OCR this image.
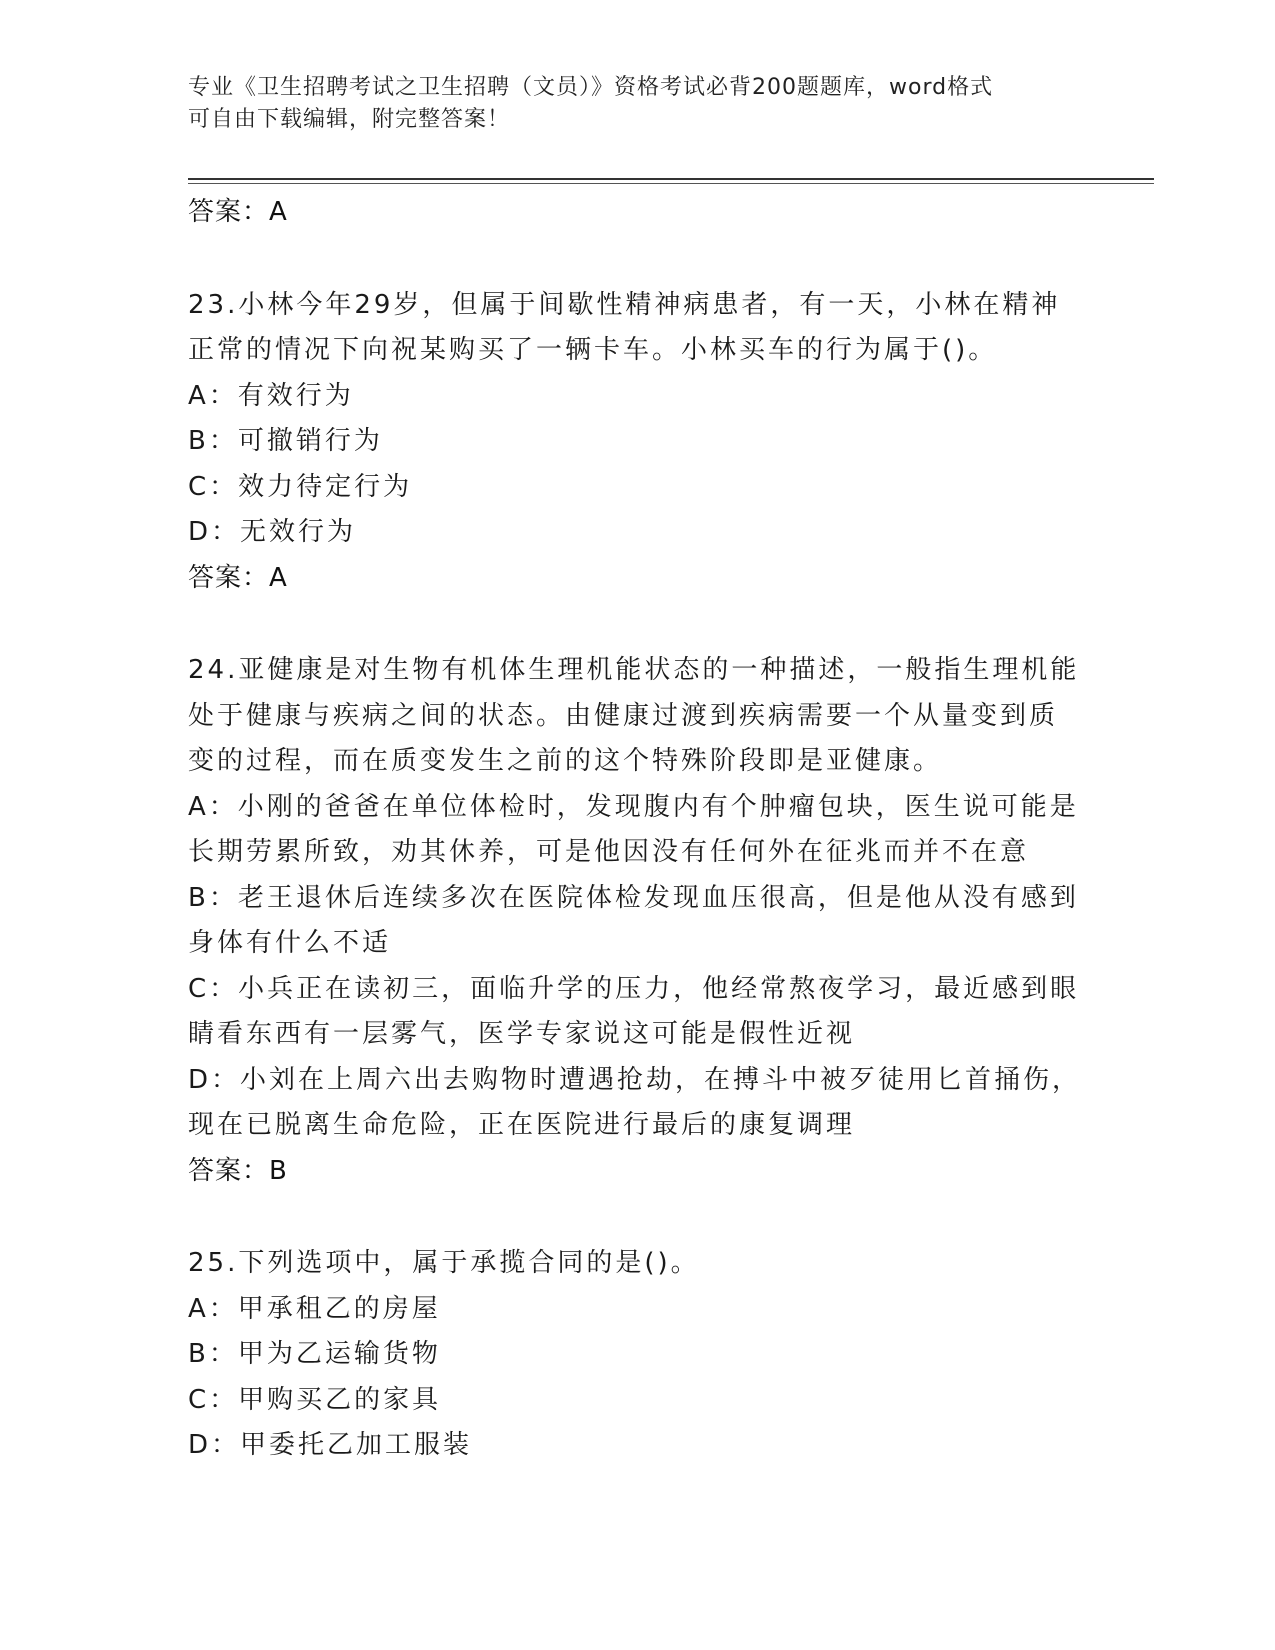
专业《卫生招聘考试之卫生招聘（文员）》资格考试必背200题题库，word格式
可自由下载编辑，附完整答案！
答案：A
23.小林今年29岁，但属于间歇性精神病患者，有一天，小林在精神
正常的情况下向祝某购买了一辆卡车。小林买车的行为属于()。
A：有效行为
B：可撤销行为
C：效力待定行为
D：无效行为
答案：A
24.亚健康是对生物有机体生理机能状态的一种描述，一般指生理机能
处于健康与疾病之间的状态。由健康过渡到疾病需要一个从量变到质
变的过程，而在质变发生之前的这个特殊阶段即是亚健康。
A：小刚的爸爸在单位体检时，发现腹内有个肿瘤包块，医生说可能是
长期劳累所致，劝其休养，可是他因没有任何外在征兆而并不在意
B：老王退休后连续多次在医院体检发现血压很高，但是他从没有感到
身体有什么不适
C：小兵正在读初三，面临升学的压力，他经常熬夜学习，最近感到眼
睛看东西有一层雾气，医学专家说这可能是假性近视
D：小刘在上周六出去购物时遭遇抢劫，在搏斗中被歹徒用匕首捅伤，
现在已脱离生命危险，正在医院进行最后的康复调理
答案：B
25.下列选项中，属于承揽合同的是()。
A：甲承租乙的房屋
B：甲为乙运输货物
C：甲购买乙的家具
D：甲委托乙加工服装
